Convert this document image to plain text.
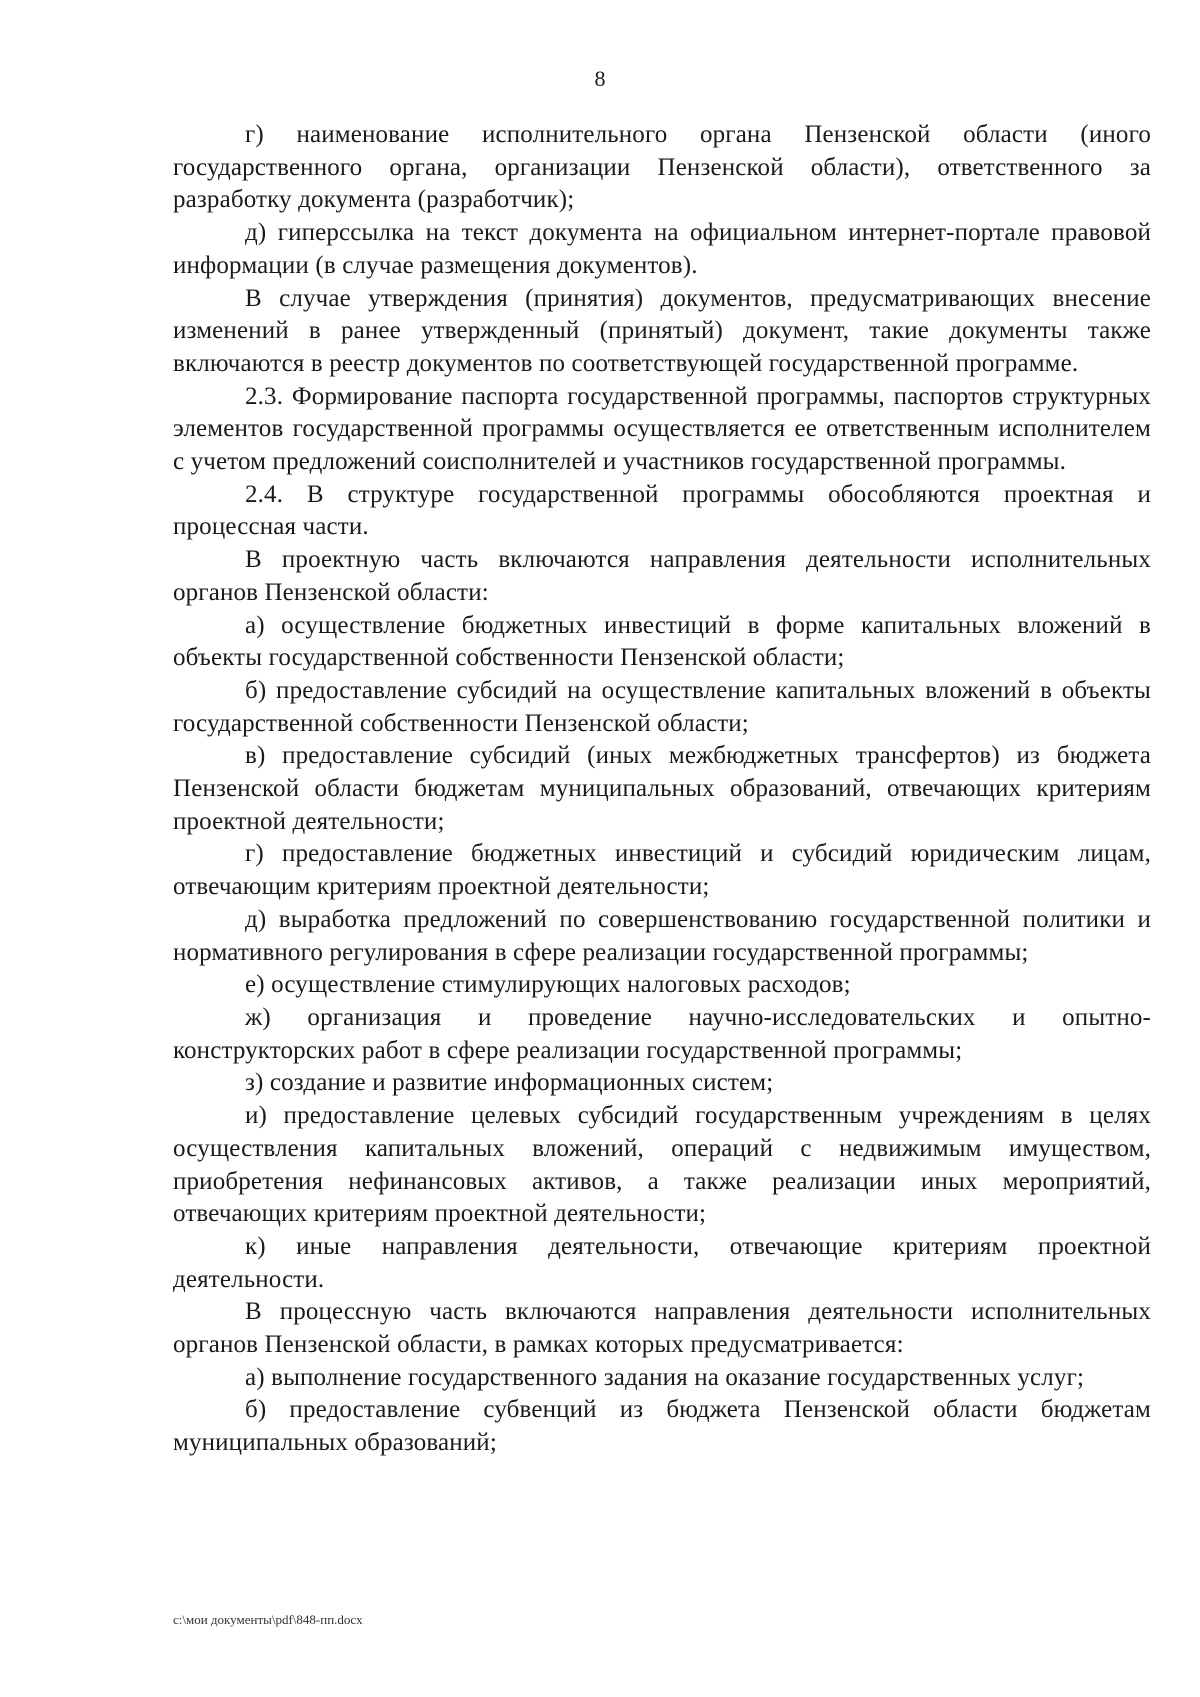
8

г) наименование исполнительного органа Пензенской области (иного государственного органа, организации Пензенской области), ответственного за разработку документа (разработчик);

д) гиперссылка на текст документа на официальном интернет-портале правовой информации (в случае размещения документов).

В случае утверждения (принятия) документов, предусматривающих внесение изменений в ранее утвержденный (принятый) документ, такие документы также включаются в реестр документов по соответствующей государственной программе.

2.3. Формирование паспорта государственной программы, паспортов структурных элементов государственной программы осуществляется ее ответственным исполнителем с учетом предложений соисполнителей и участников государственной программы.

2.4. В структуре государственной программы обособляются проектная и процессная части.

В проектную часть включаются направления деятельности исполнительных органов Пензенской области:

а) осуществление бюджетных инвестиций в форме капитальных вложений в объекты государственной собственности Пензенской области;

б) предоставление субсидий на осуществление капитальных вложений в объекты государственной собственности Пензенской области;

в) предоставление субсидий (иных межбюджетных трансфертов) из бюджета Пензенской области бюджетам муниципальных образований, отвечающих критериям проектной деятельности;

г) предоставление бюджетных инвестиций и субсидий юридическим лицам, отвечающим критериям проектной деятельности;

д) выработка предложений по совершенствованию государственной политики и нормативного регулирования в сфере реализации государственной программы;

е) осуществление стимулирующих налоговых расходов;

ж) организация и проведение научно-исследовательских и опытно-конструкторских работ в сфере реализации государственной программы;

з) создание и развитие информационных систем;

и) предоставление целевых субсидий государственным учреждениям в целях осуществления капитальных вложений, операций с недвижимым имуществом, приобретения нефинансовых активов, а также реализации иных мероприятий, отвечающих критериям проектной деятельности;

к) иные направления деятельности, отвечающие критериям проектной деятельности.

В процессную часть включаются направления деятельности исполнительных органов Пензенской области, в рамках которых предусматривается:

а) выполнение государственного задания на оказание государственных услуг;

б) предоставление субвенций из бюджета Пензенской области бюджетам муниципальных образований;

c:\мои документы\pdf\848-пп.docx
